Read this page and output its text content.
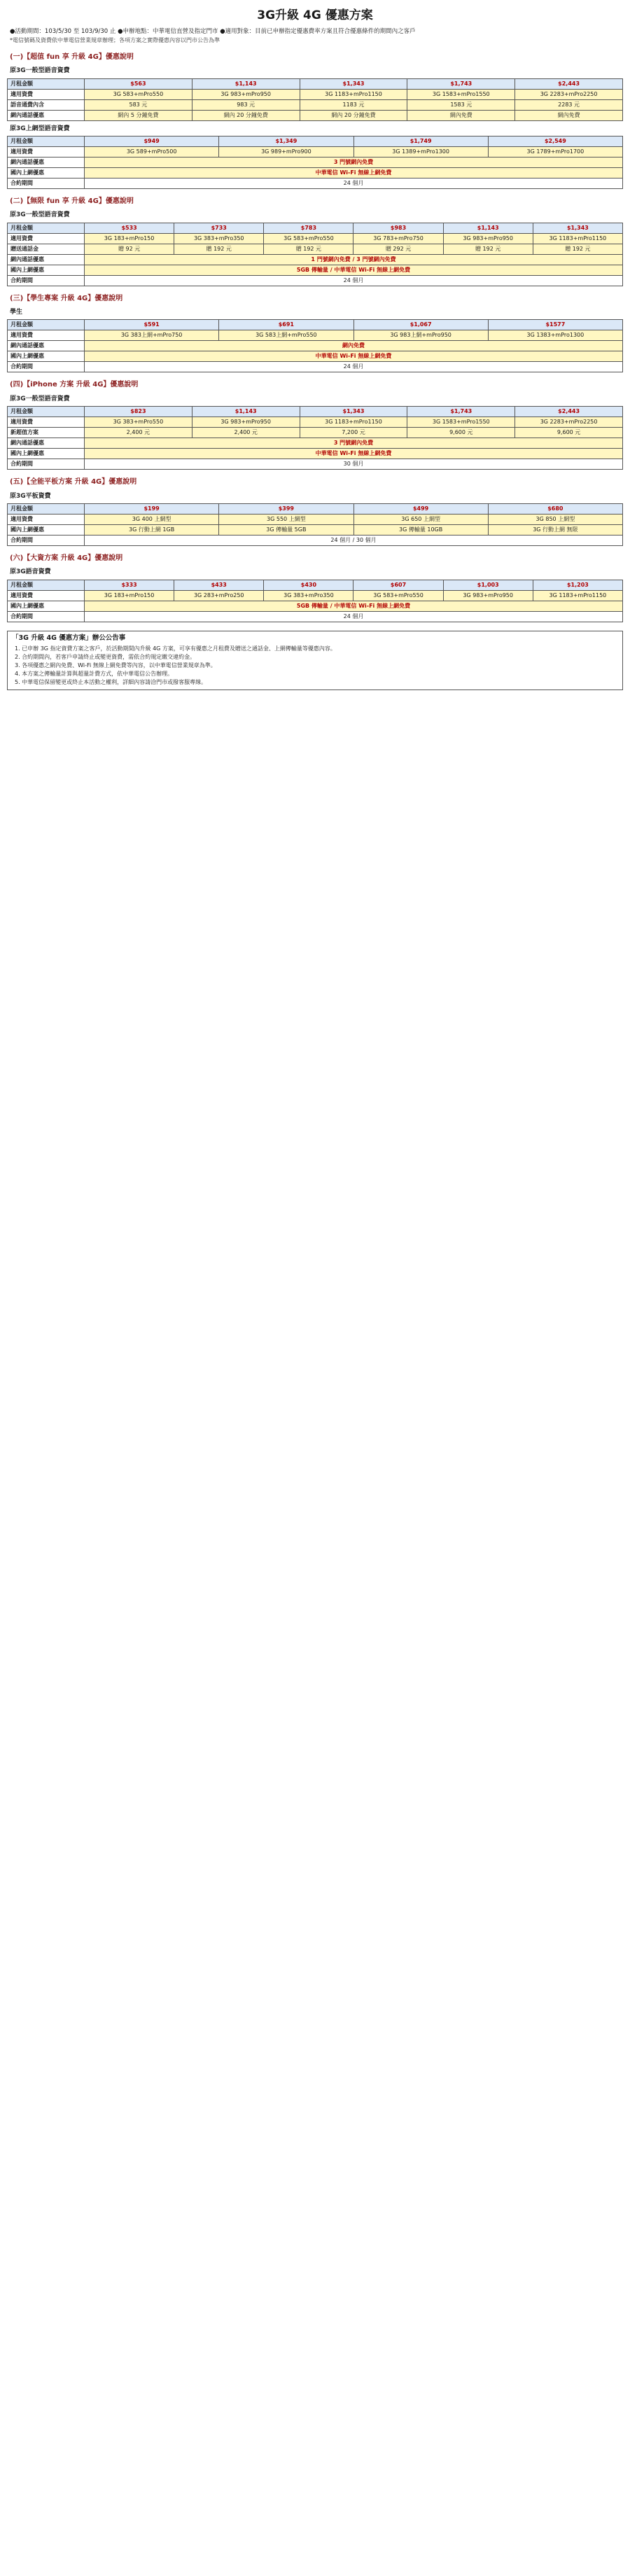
3G升級 4G 優惠方案
●活動期間：103/5/30 至 103/9/30 止 ●申辦地點：中華電信直營及指定門市 ●適用對象：目前已申辦指定優惠費率方案且符合優惠條件的期間內之客戶
*電信號碼及資費依中華電信營業規章辦理；各項方案之實際優惠內容以門市公告為準
(一)【超值 fun 享 升級 4G】優惠說明
原3G一般型語音資費
月租金額	$563	$1,143	$1,343	$1,743	$2,443
適用資費	3G 583+mPro550	3G 983+mPro950	3G 1183+mPro1150	3G 1583+mPro1550	3G 2283+mPro2250
語音通費內含	583 元	983 元	1183 元	1583 元	2283 元
網內通話優惠	網內 5 分鐘免費	網內 20 分鐘免費	網內 20 分鐘免費	網內免費	網內免費
原3G上網型語音資費
月租金額	$949	$1,349	$1,749	$2,549
適用資費	3G 589+mPro500	3G 989+mPro900	3G 1389+mPro1300	3G 1789+mPro1700
網內通話優惠	3 門號網內免費			
國內上網優惠	中華電信 Wi-Fi 無線上網免費			
合約期間	24 個月			
(二)【無限 fun 享 升級 4G】優惠說明
原3G一般型語音資費
月租金額	$533	$733	$783	$983	$1,143	$1,343
適用資費	3G 183+mPro150	3G 383+mPro350	3G 583+mPro550	3G 783+mPro750	3G 983+mPro950	3G 1183+mPro1150
贈送通話金	贈 92 元	贈 192 元	贈 192 元	贈 292 元	贈 192 元	贈 192 元
網內通話優惠	1 門號網內免費 / 3 門號網內免費					
國內上網優惠	5GB 傳輸量 / 中華電信 Wi-Fi 無線上網免費					
合約期間	24 個月					
(三)【學生專案 升級 4G】優惠說明
學生
月租金額	$591	$691	$1,067	$1577
適用資費	3G 383上網+mPro750	3G 583上網+mPro550	3G 983上網+mPro950	3G 1383+mPro1300
網內通話優惠	網內免費			
國內上網優惠	中華電信 Wi-Fi 無線上網免費			
合約期間	24 個月			
(四)【iPhone 方案 升級 4G】優惠說明
原3G一般型語音資費
月租金額	$823	$1,143	$1,343	$1,743	$2,443
適用資費	3G 383+mPro550	3G 983+mPro950	3G 1183+mPro1150	3G 1583+mPro1550	3G 2283+mPro2250
新超值方案	2,400 元	2,400 元	7,200 元	9,600 元	9,600 元
網內通話優惠	3 門號網內免費				
國內上網優惠	中華電信 Wi-Fi 無線上網免費				
合約期間	30 個月				
(五)【全能平板方案 升級 4G】優惠說明
原3G平板資費
月租金額	$199	$399	$499	$680
適用資費	3G 400 上網型	3G 550 上網型	3G 650 上網型	3G 850 上網型
國內上網優惠	3G 行動上網 1GB	3G 傳輸量 5GB	3G 傳輸量 10GB	3G 行動上網 無限
合約期間	24 個月 / 30 個月			
(六)【大資方案 升級 4G】優惠說明
原3G語音資費
月租金額	$333	$433	$430	$607	$1,003	$1,203
適用資費	3G 183+mPro150	3G 283+mPro250	3G 383+mPro350	3G 583+mPro550	3G 983+mPro950	3G 1183+mPro1150
國內上網優惠	5GB 傳輸量 / 中華電信 Wi-Fi 無線上網免費					
合約期間	24 個月					
「3G 升級 4G 優惠方案」辦公公告事
1. 已申辦 3G 指定資費方案之客戶，於活動期間內升級 4G 方案，可享有優惠之月租費及贈送之通話金、上網傳輸量等優惠內容。
2. 合約期間內，若客戶申請終止或變更資費，需依合約規定繳交違約金。
3. 各項優惠之網內免費、Wi-Fi 無線上網免費等內容，以中華電信營業規章為準。
4. 本方案之傳輸量計算與超量計費方式，依中華電信公告辦理。
5. 中華電信保留變更或終止本活動之權利，詳細內容請洽門市或撥客服專線。
